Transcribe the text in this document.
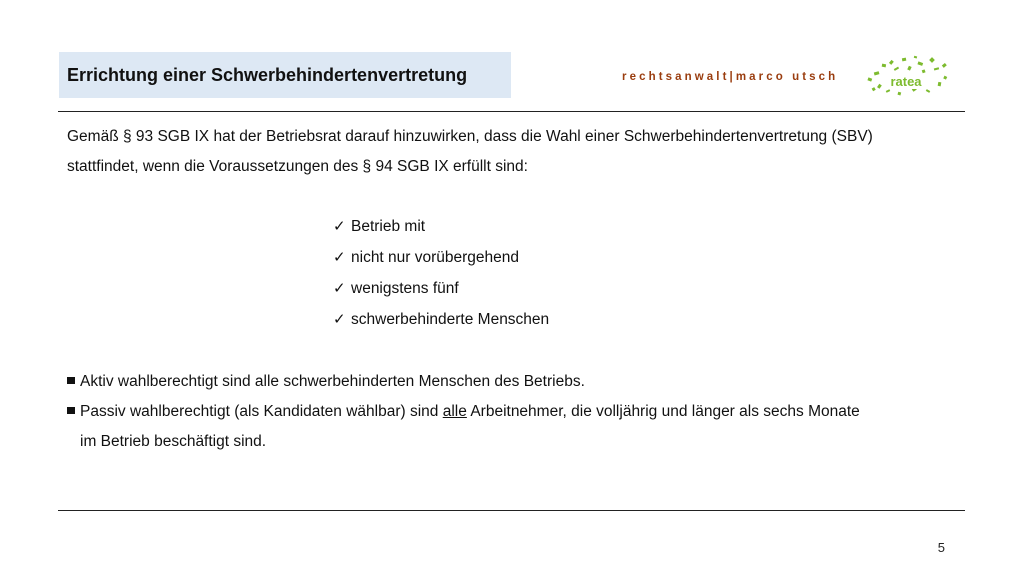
Errichtung einer Schwerbehindertenvertretung	rechtsanwalt|marco utsch	ratea

Gemäß § 93 SGB IX hat der Betriebsrat darauf hinzuwirken, dass die Wahl einer Schwerbehindertenvertretung (SBV)

stattfindet, wenn die Voraussetzungen des § 94 SGB IX erfüllt sind:

✓ Betrieb mit
✓ nicht nur vorübergehend
✓ wenigstens fünf
✓ schwerbehinderte Menschen
Aktiv wahlberechtigt sind alle schwerbehinderten Menschen des Betriebs.
Passiv wahlberechtigt (als Kandidaten wählbar) sind alle Arbeitnehmer, die volljährig und länger als sechs Monate
im Betrieb beschäftigt sind.
5
